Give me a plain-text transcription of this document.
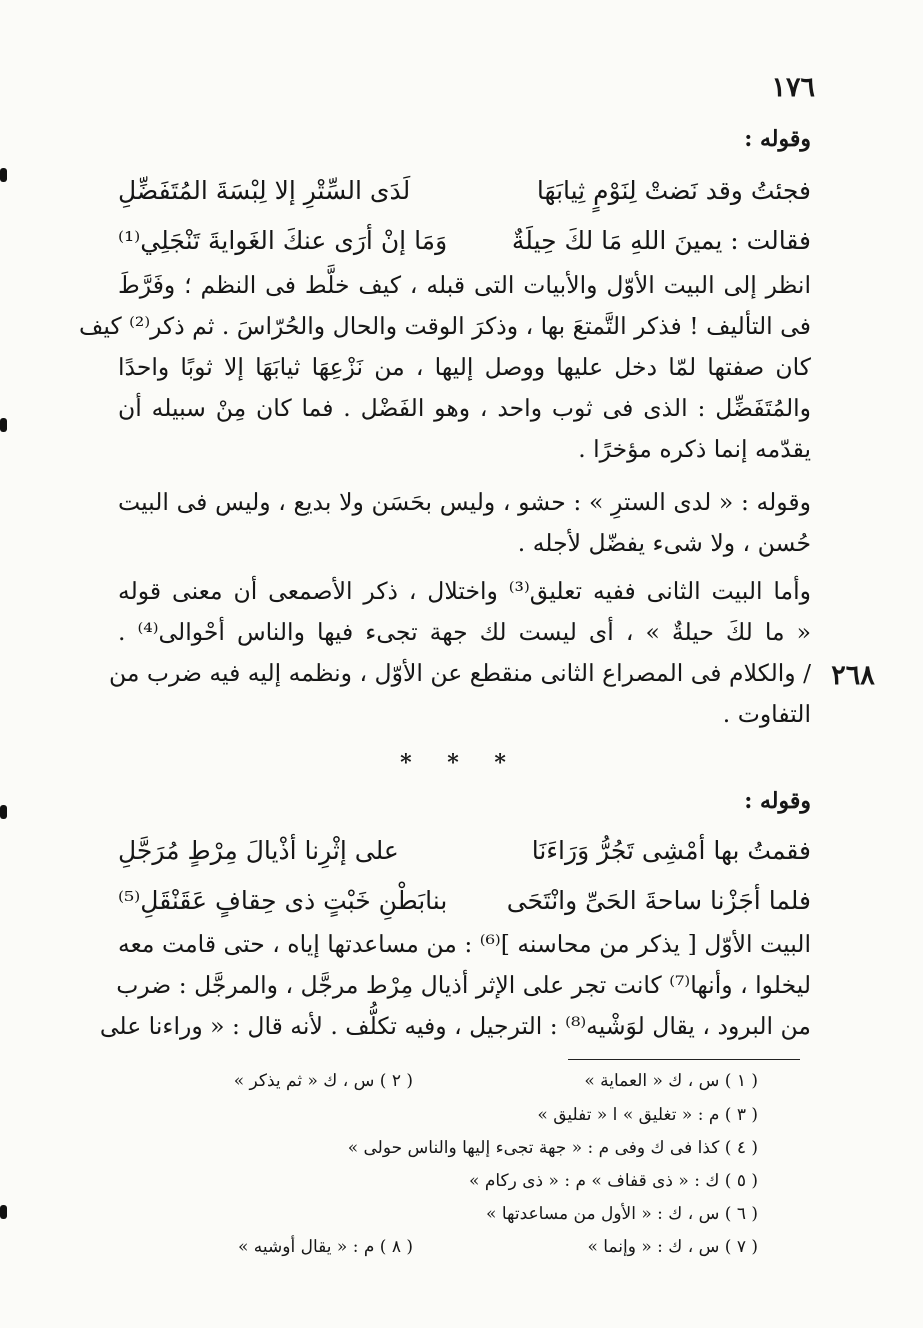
١٧٦
وقوله :
فجئتُ وقد نَضتْ لِنَوْمٍ ثِيابَهَا
لَدَى السِّتْرِ إلا لِبْسَةَ المُتَفَضِّلِ
فقالت : يمينَ اللهِ مَا لكَ حِيلَةٌ
وَمَا إنْ أرَى عنكَ الغَوايةَ تَنْجَلِي⁽¹⁾
انظر إلى البيت الأوّل والأبيات التى قبله ، كيف خلَّط فى النظم ؛ وفَرَّطَ
فى التأليف ! فذكر التَّمتعَ بها ، وذكرَ الوقت والحال والحُرّاسَ . ثم ذكر⁽²⁾ كيف
كان صفتها لمّا دخل عليها ووصل إليها ، من نَزْعِهَا ثيابَهَا إلا ثوبًا واحدًا
والمُتَفَضِّل : الذى فى ثوب واحد ، وهو الفَضْل . فما كان مِنْ سبيله أن
يقدّمه إنما ذكره مؤخرًا .
وقوله : « لدى السترِ » : حشو ، وليس بحَسَن ولا بديع ، وليس فى البيت
حُسن ، ولا شىء يفضّل لأجله .
وأما البيت الثانى ففيه تعليق⁽³⁾ واختلال ، ذكر الأصمعى أن معنى قوله
« ما لكَ حيلةٌ » ، أى ليست لك جهة تجىء فيها والناس أحْوالى⁽⁴⁾ .
/ والكلام فى المصراع الثانى منقطع عن الأوّل ، ونظمه إليه فيه ضرب من
التفاوت .
٢٦٨
* * *
وقوله :
فقمتُ بها أمْشِى تَجُرُّ وَرَاءَنَا
على إثْرِنا أذْيالَ مِرْطٍ مُرَجَّلِ
فلما أجَزْنا ساحةَ الحَىِّ وانْتَحَى
بنابَطْنِ خَبْتٍ ذى حِقافٍ عَقَنْقَلِ⁽⁵⁾
البيت الأوّل [ يذكر من محاسنه ]⁽⁶⁾ : من مساعدتها إياه ، حتى قامت معه
ليخلوا ، وأنها⁽⁷⁾ كانت تجر على الإثر أذيال مِرْط مرجَّل ، والمرجَّل : ضرب
من البرود ، يقال لوَشْيه⁽⁸⁾ : الترجيل ، وفيه تكلُّف . لأنه قال : « وراءنا على
( ١ ) س ، ك « العماية »
( ٢ ) س ، ك « ثم يذكر »
( ٣ ) م : « تغليق » ا « تفليق »
( ٤ ) كذا فى ك وفى م : « جهة تجىء إليها والناس حولى »
( ٥ ) ك : « ذى قفاف » م : « ذى ركام »
( ٦ ) س ، ك : « الأول من مساعدتها »
( ٧ ) س ، ك : « وإنما »
( ٨ ) م : « يقال أوشيه »
